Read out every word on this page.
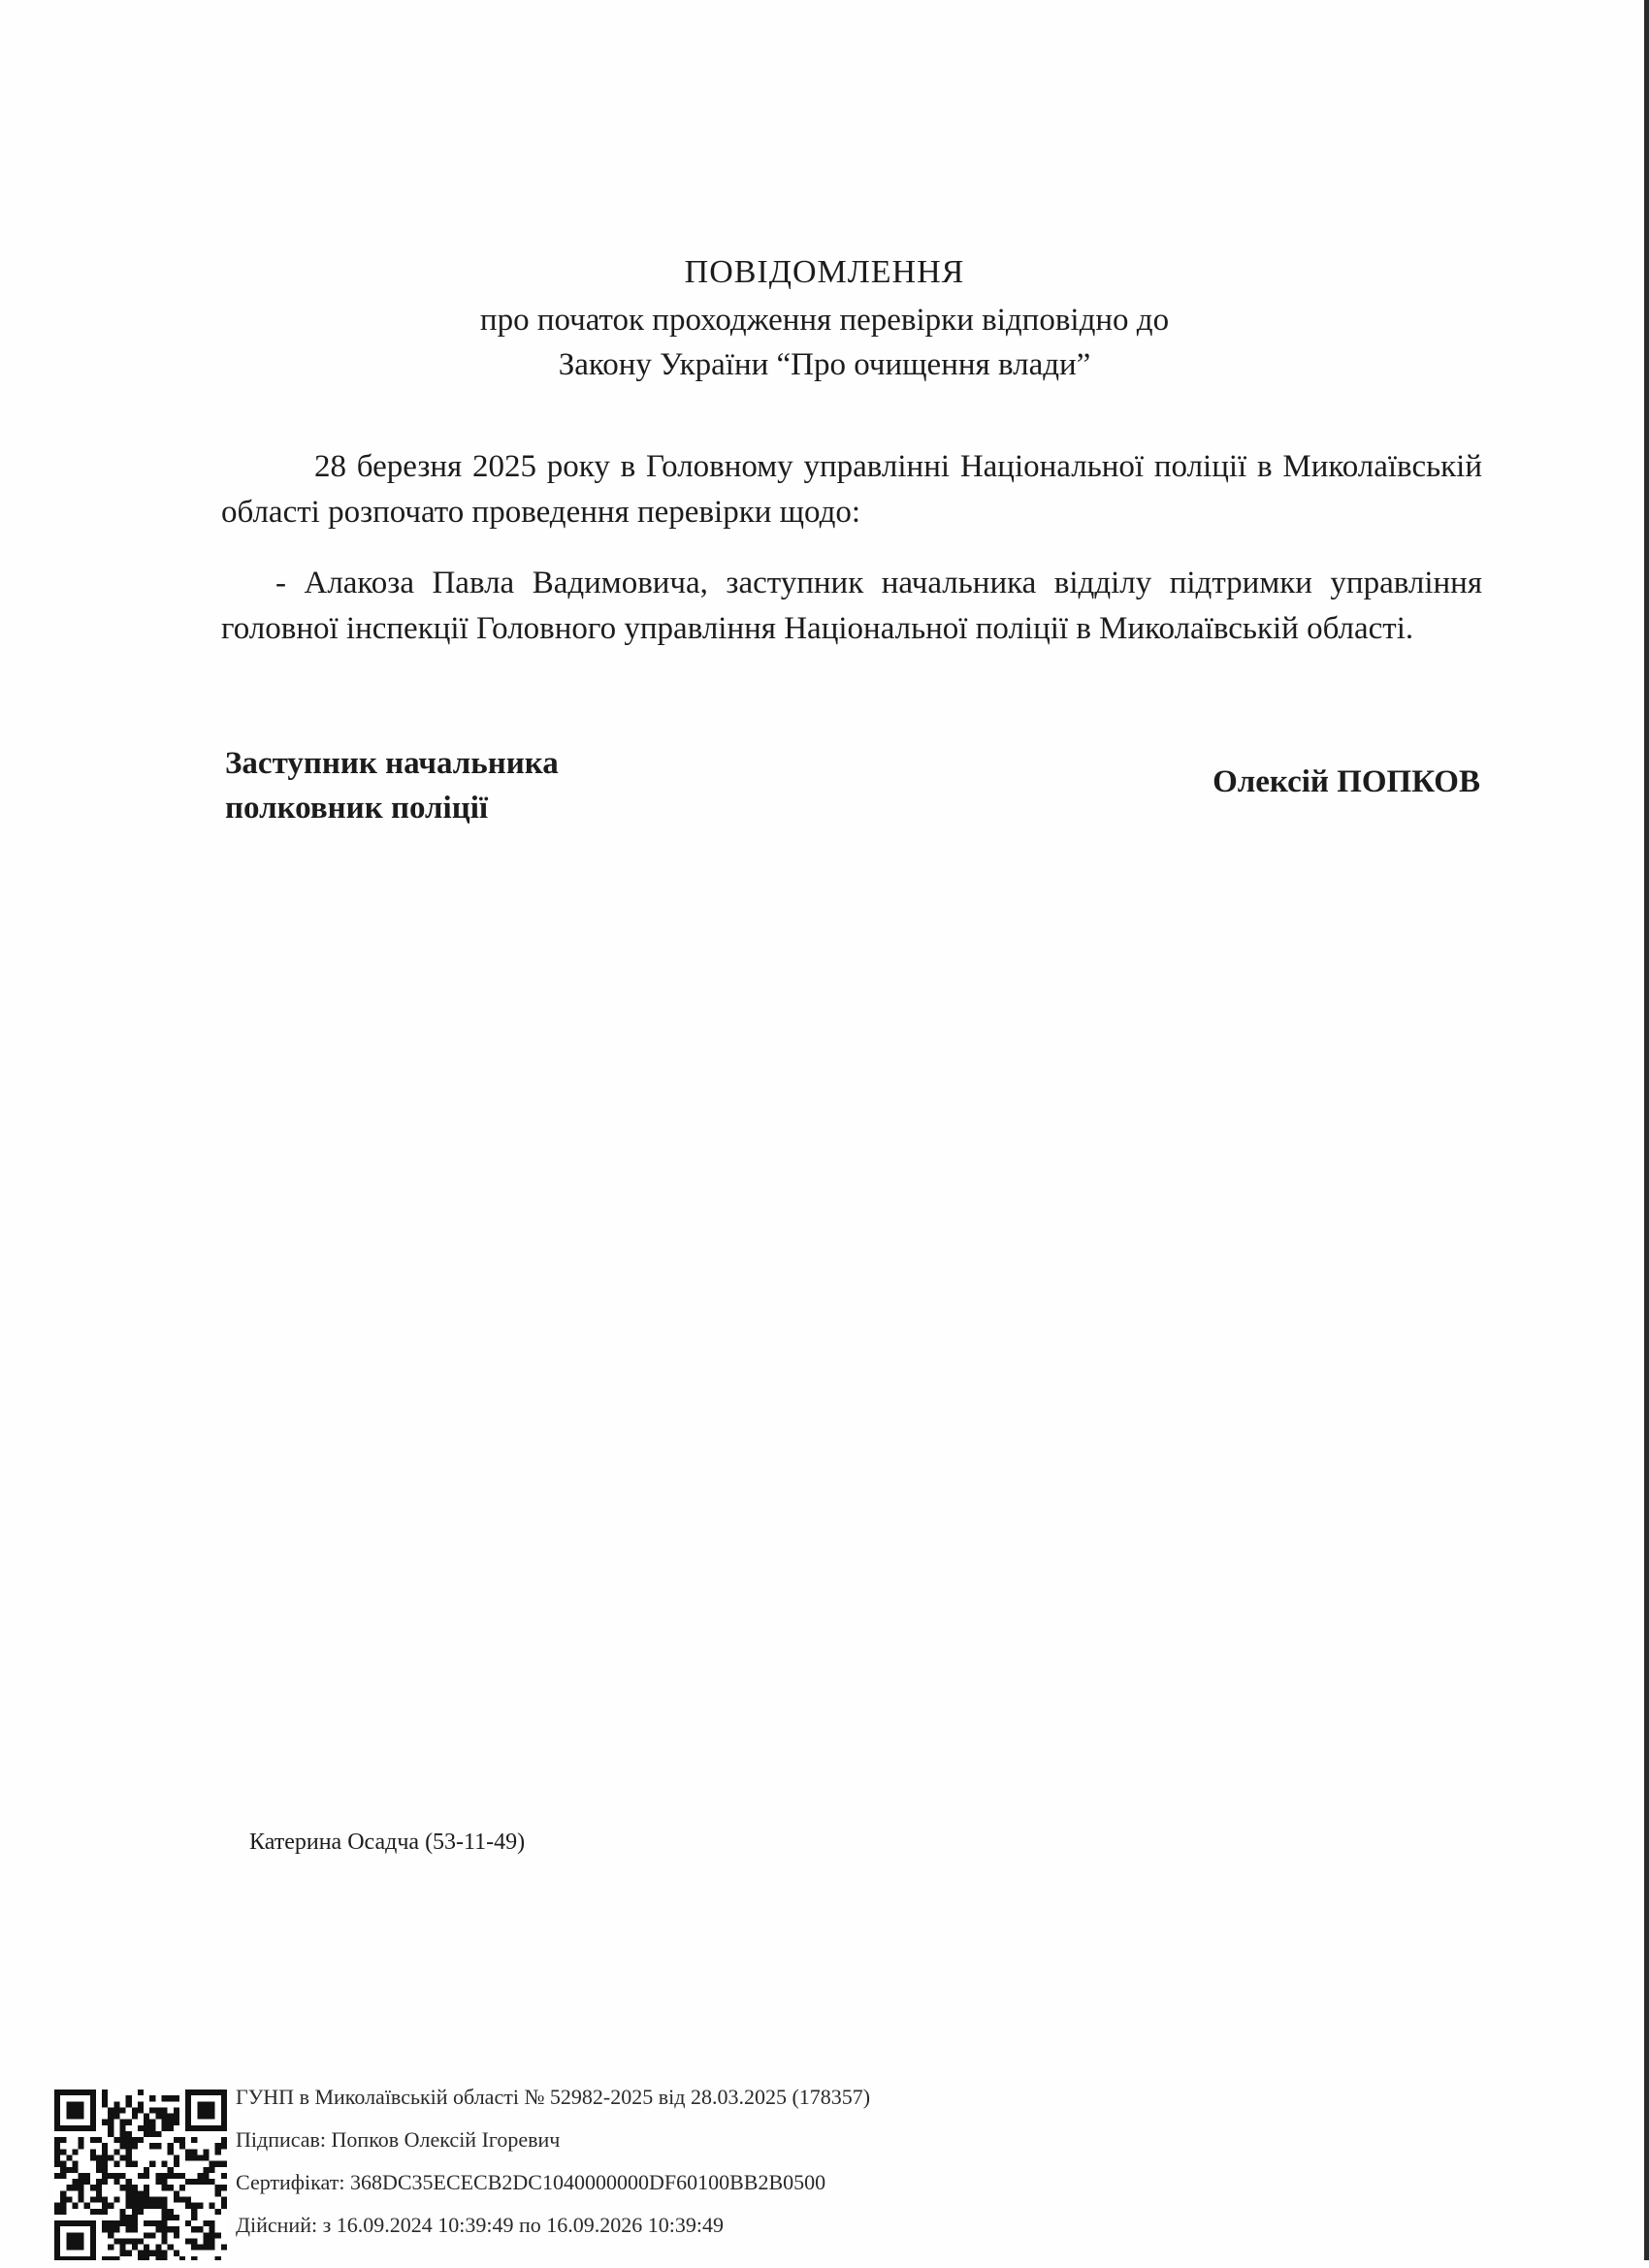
ПОВІДОМЛЕННЯ
про початок проходження перевірки відповідно до
Закону України “Про очищення влади”
28 березня 2025 року в Головному управлінні Національної поліції в Миколаївській області розпочато проведення перевірки щодо:
- Алакоза Павла Вадимовича, заступник начальника відділу підтримки управління головної інспекції Головного управління Національної поліції в Миколаївській області.
Заступник начальника
полковник поліції
Олексій ПОПКОВ
Катерина Осадча (53-11-49)
ГУНП в Миколаївській області № 52982-2025 від 28.03.2025 (178357)
Підписав: Попков Олексій Ігоревич
Сертифікат: 368DC35ECECB2DC1040000000DF60100BB2B0500
Дійсний: з 16.09.2024 10:39:49 по 16.09.2026 10:39:49
